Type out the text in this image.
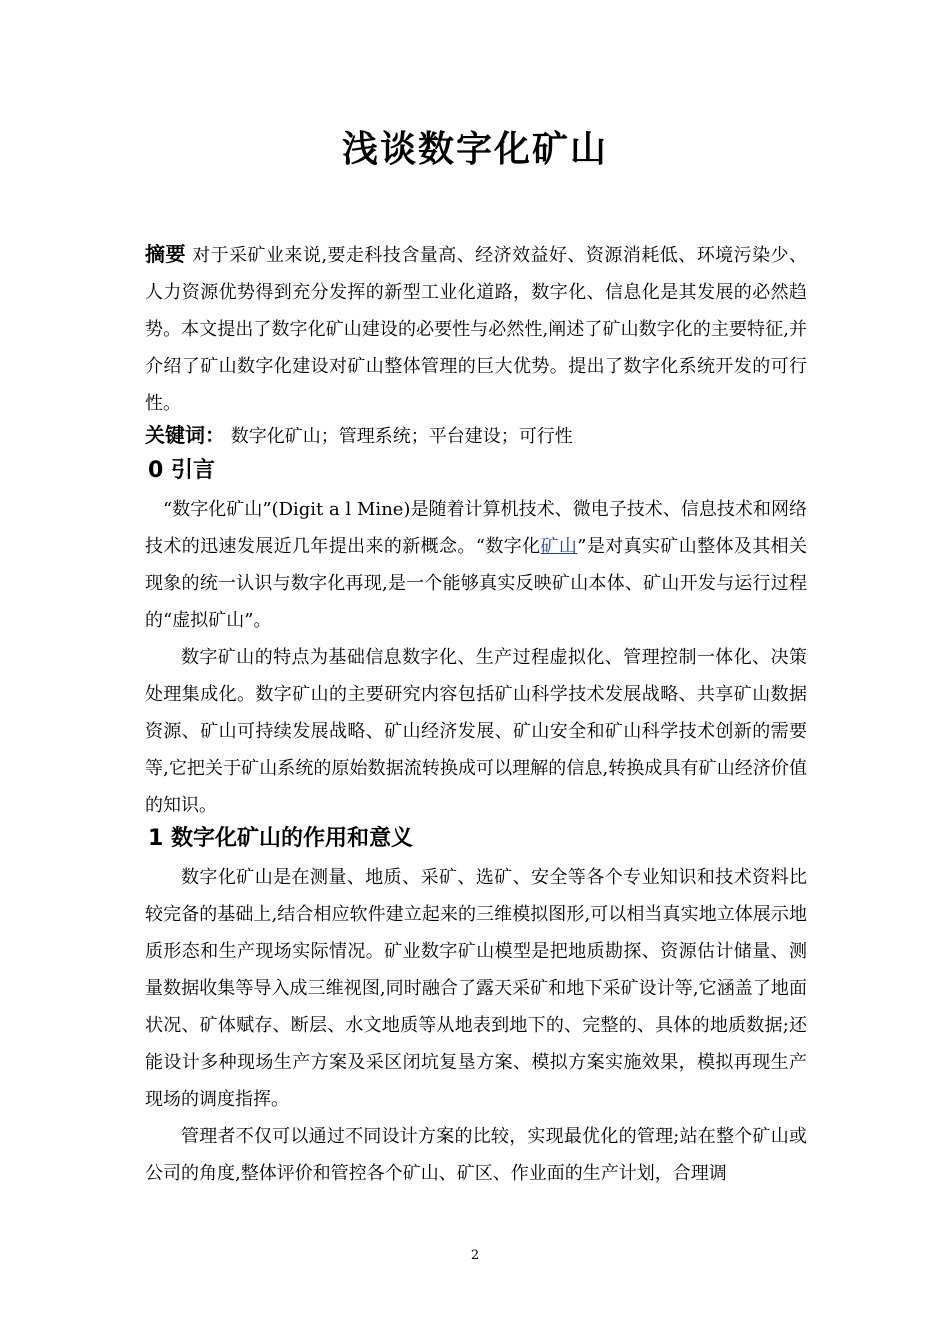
浅谈数字化矿山

摘要 对于采矿业来说,要走科技含量高、经济效益好、资源消耗低、环境污染少、人力资源优势得到充分发挥的新型工业化道路，数字化、信息化是其发展的必然趋势。本文提出了数字化矿山建设的必要性与必然性,阐述了矿山数字化的主要特征,并介绍了矿山数字化建设对矿山整体管理的巨大优势。提出了数字化系统开发的可行性。

关键词： 数字化矿山；管理系统；平台建设；可行性

0 引言

“数字化矿山”(Digit a l Mine)是随着计算机技术、微电子技术、信息技术和网络技术的迅速发展近几年提出来的新概念。“数字化矿山”是对真实矿山整体及其相关现象的统一认识与数字化再现,是一个能够真实反映矿山本体、矿山开发与运行过程的“虚拟矿山”。

数字矿山的特点为基础信息数字化、生产过程虚拟化、管理控制一体化、决策处理集成化。数字矿山的主要研究内容包括矿山科学技术发展战略、共享矿山数据资源、矿山可持续发展战略、矿山经济发展、矿山安全和矿山科学技术创新的需要等,它把关于矿山系统的原始数据流转换成可以理解的信息,转换成具有矿山经济价值的知识。

1 数字化矿山的作用和意义

数字化矿山是在测量、地质、采矿、选矿、安全等各个专业知识和技术资料比较完备的基础上,结合相应软件建立起来的三维模拟图形,可以相当真实地立体展示地质形态和生产现场实际情况。矿业数字矿山模型是把地质勘探、资源估计储量、测量数据收集等导入成三维视图,同时融合了露天采矿和地下采矿设计等,它涵盖了地面状况、矿体赋存、断层、水文地质等从地表到地下的、完整的、具体的地质数据;还能设计多种现场生产方案及采区闭坑复垦方案、模拟方案实施效果，模拟再现生产现场的调度指挥。

管理者不仅可以通过不同设计方案的比较，实现最优化的管理;站在整个矿山或公司的角度,整体评价和管控各个矿山、矿区、作业面的生产计划，合理调

2
